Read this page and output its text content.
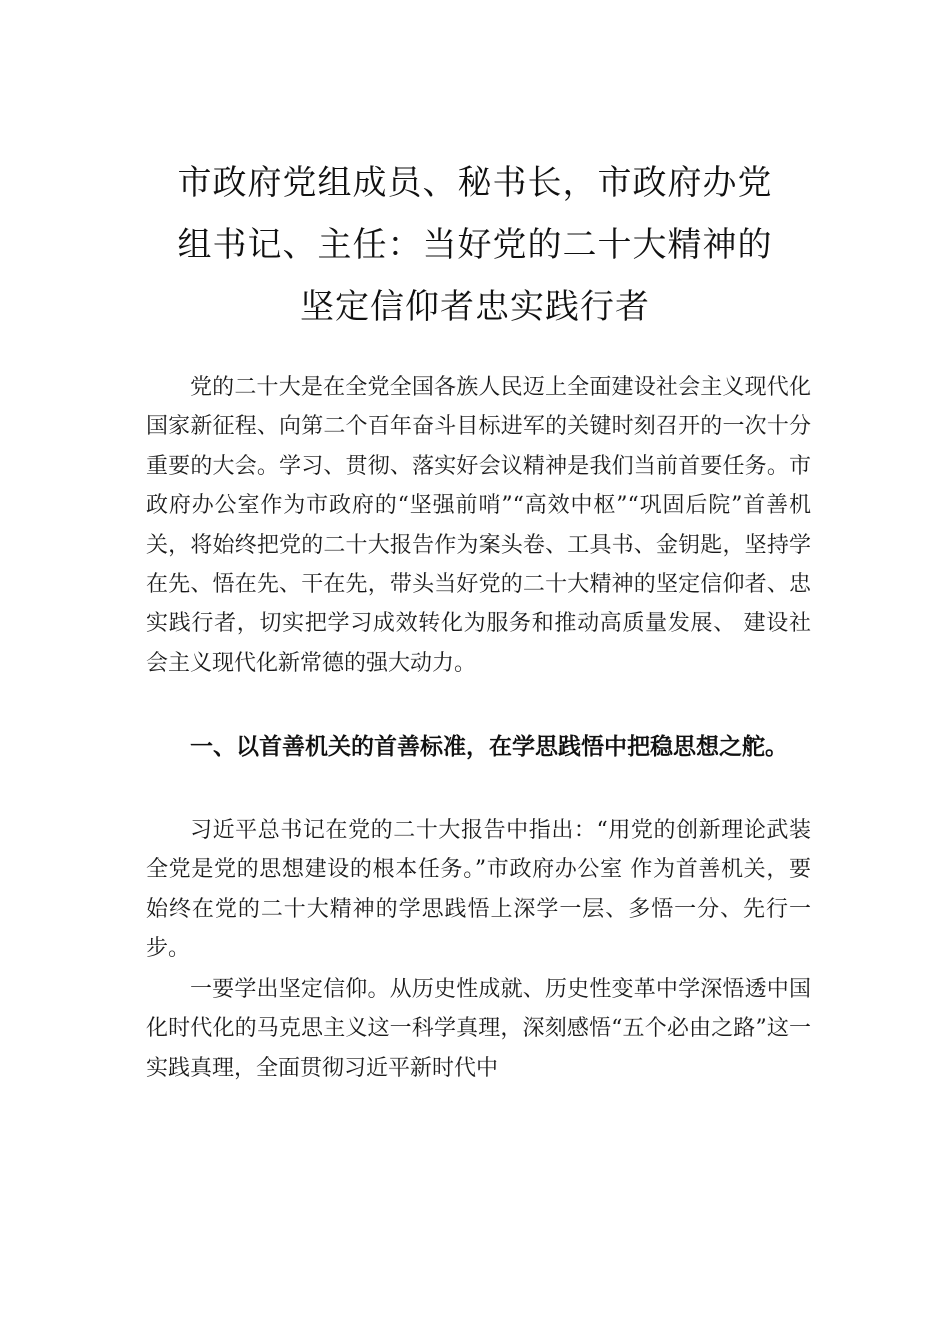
市政府党组成员、秘书长，市政府办党
组书记、主任：当好党的二十大精神的
坚定信仰者忠实践行者

党的二十大是在全党全国各族人民迈上全面建设社会主义现代化国家新征程、向第二个百年奋斗目标进军的关键时刻召开的一次十分重要的大会。学习、贯彻、落实好会议精神是我们当前首要任务。市政府办公室作为市政府的“坚强前哨”“高效中枢”“巩固后院”首善机关，将始终把党的二十大报告作为案头卷、工具书、金钥匙，坚持学在先、悟在先、干在先，带头当好党的二十大精神的坚定信仰者、忠实践行者，切实把学习成效转化为服务和推动高质量发展、 建设社会主义现代化新常德的强大动力。

一、以首善机关的首善标准，在学思践悟中把稳思想之舵。

习近平总书记在党的二十大报告中指出：“用党的创新理论武装全党是党的思想建设的根本任务。”市政府办公室 作为首善机关，要始终在党的二十大精神的学思践悟上深学一层、多悟一分、先行一步。

一要学出坚定信仰。从历史性成就、历史性变革中学深悟透中国化时代化的马克思主义这一科学真理，深刻感悟“五个必由之路”这一实践真理，全面贯彻习近平新时代中
